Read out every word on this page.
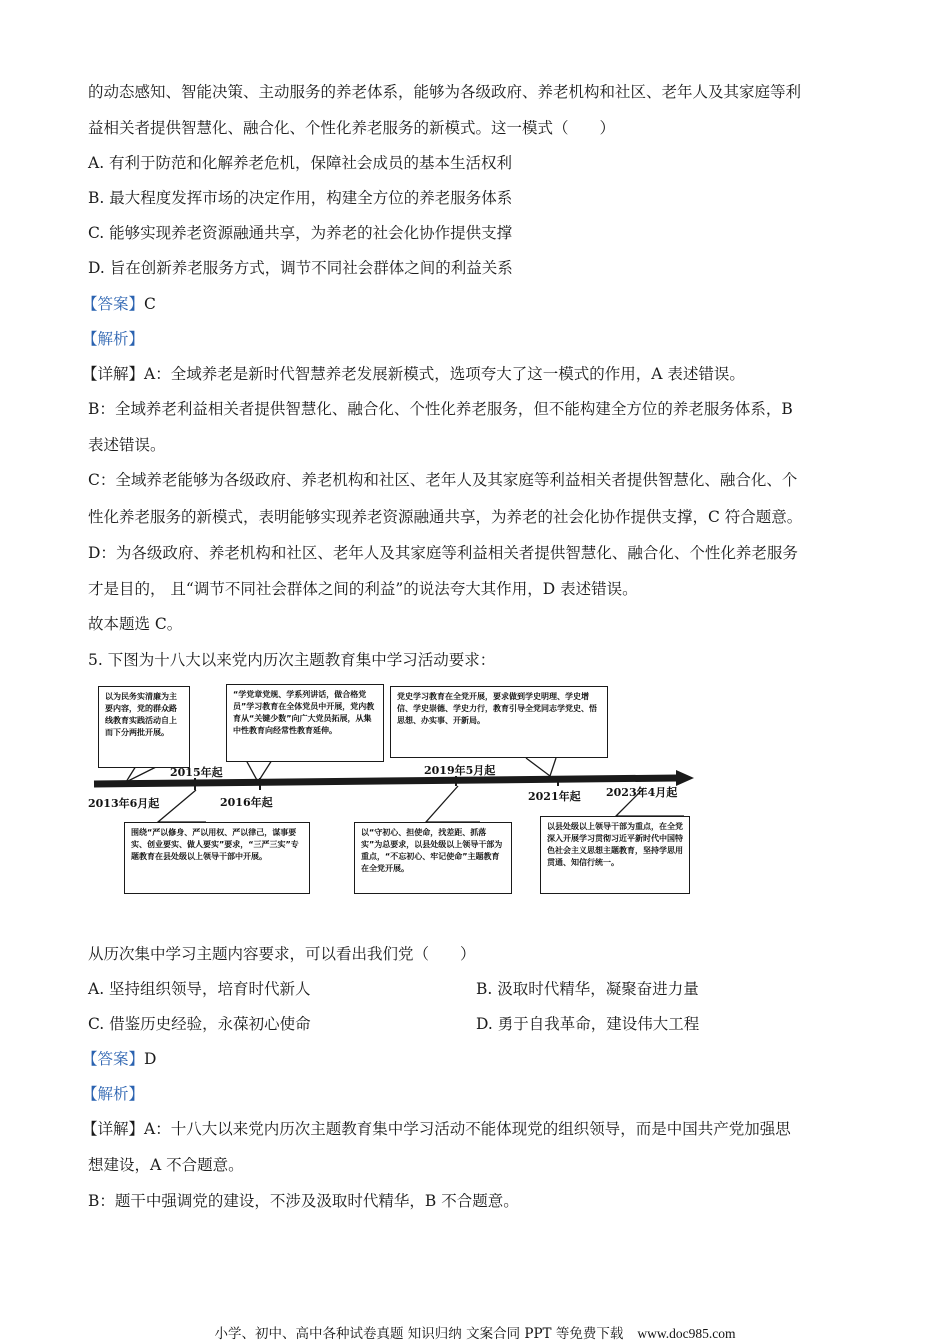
的动态感知、智能决策、主动服务的养老体系，能够为各级政府、养老机构和社区、老年人及其家庭等利
益相关者提供智慧化、融合化、个性化养老服务的新模式。这一模式（　　）
A. 有利于防范和化解养老危机，保障社会成员的基本生活权利
B. 最大程度发挥市场的决定作用，构建全方位的养老服务体系
C. 能够实现养老资源融通共享，为养老的社会化协作提供支撑
D. 旨在创新养老服务方式，调节不同社会群体之间的利益关系
【答案】C
【解析】
【详解】A：全域养老是新时代智慧养老发展新模式，选项夸大了这一模式的作用，A 表述错误。
B：全域养老利益相关者提供智慧化、融合化、个性化养老服务，但不能构建全方位的养老服务体系，B
表述错误。
C：全域养老能够为各级政府、养老机构和社区、老年人及其家庭等利益相关者提供智慧化、融合化、个
性化养老服务的新模式，表明能够实现养老资源融通共享，为养老的社会化协作提供支撑，C 符合题意。
D：为各级政府、养老机构和社区、老年人及其家庭等利益相关者提供智慧化、融合化、个性化养老服务
才是目的， 且“调节不同社会群体之间的利益”的说法夸大其作用，D 表述错误。
故本题选 C。
5. 下图为十八大以来党内历次主题教育集中学习活动要求：
以为民务实清廉为主要内容，党的群众路线教育实践活动自上而下分两批开展。
“学党章党规、学系列讲话，做合格党员”学习教育在全体党员中开展，党内教育从“关键少数”向广大党员拓展，从集中性教育向经常性教育延伸。
党史学习教育在全党开展，要求做到学史明理、学史增信、学史崇德、学史力行，教育引导全党同志学党史、悟思想、办实事、开新局。
围绕“严以修身、严以用权、严以律己，谋事要实、创业要实、做人要实”要求，“三严三实”专题教育在县处级以上领导干部中开展。
以“守初心、担使命，找差距、抓落实”为总要求，以县处级以上领导干部为重点，“不忘初心、牢记使命”主题教育在全党开展。
以县处级以上领导干部为重点，在全党深入开展学习贯彻习近平新时代中国特色社会主义思想主题教育，坚持学思用贯通、知信行统一。
2013年6月起
2015年起
2016年起
2019年5月起
2021年起 2023年4月起
从历次集中学习主题内容要求，可以看出我们党（　　）
A. 坚持组织领导，培育时代新人	B. 汲取时代精华，凝聚奋进力量
C. 借鉴历史经验，永葆初心使命	D. 勇于自我革命，建设伟大工程
【答案】D
【解析】
【详解】A：十八大以来党内历次主题教育集中学习活动不能体现党的组织领导，而是中国共产党加强思
想建设，A 不合题意。
B：题干中强调党的建设，不涉及汲取时代精华，B 不合题意。
小学、初中、高中各种试卷真题 知识归纳 文案合同 PPT 等免费下载 www.doc985.com
